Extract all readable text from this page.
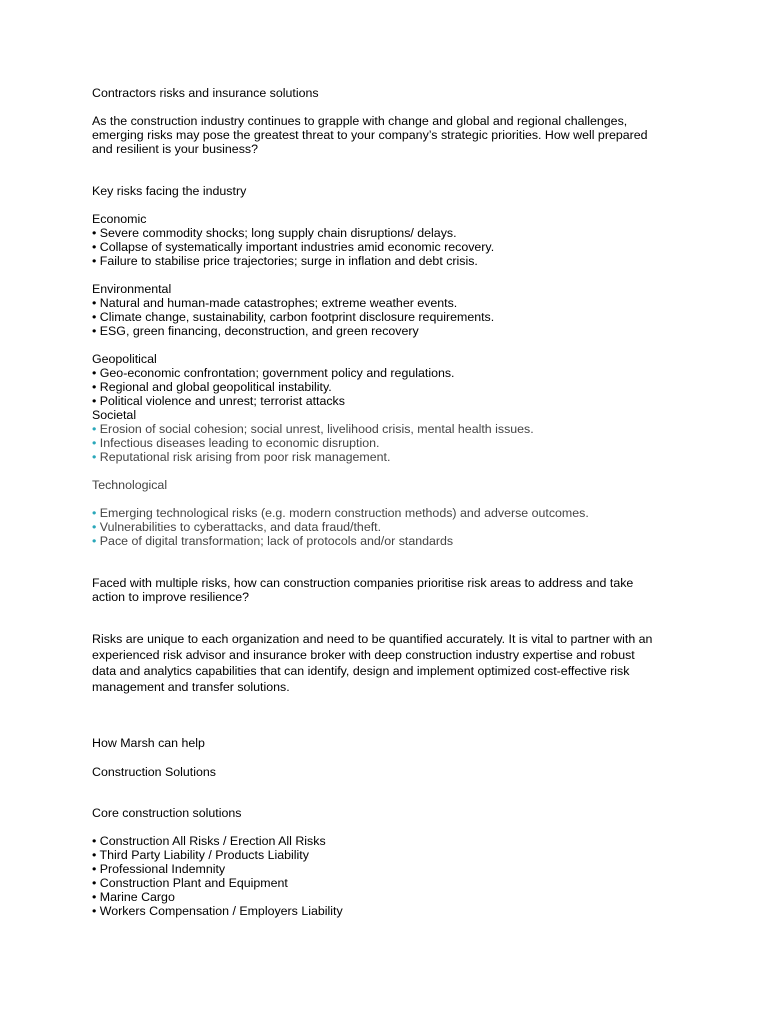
Contractors risks and insurance solutions
As the construction industry continues to grapple with change and global and regional challenges,
emerging risks may pose the greatest threat to your company’s strategic priorities. How well prepared
and resilient is your business?
Key risks facing the industry
Economic
• Severe commodity shocks; long supply chain disruptions/ delays.
• Collapse of systematically important industries amid economic recovery.
• Failure to stabilise price trajectories; surge in inflation and debt crisis.
Environmental
• Natural and human-made catastrophes; extreme weather events.
• Climate change, sustainability, carbon footprint disclosure requirements.
• ESG, green financing, deconstruction, and green recovery
Geopolitical
• Geo-economic confrontation; government policy and regulations.
• Regional and global geopolitical instability.
• Political violence and unrest; terrorist attacks
Societal
• Erosion of social cohesion; social unrest, livelihood crisis, mental health issues.
• Infectious diseases leading to economic disruption.
• Reputational risk arising from poor risk management.
Technological
• Emerging technological risks (e.g. modern construction methods) and adverse outcomes.
• Vulnerabilities to cyberattacks, and data fraud/theft.
• Pace of digital transformation; lack of protocols and/or standards
Faced with multiple risks, how can construction companies prioritise risk areas to address and take
action to improve resilience?
Risks are unique to each organization and need to be quantified accurately. It is vital to partner with an
experienced risk advisor and insurance broker with deep construction industry expertise and robust
data and analytics capabilities that can identify, design and implement optimized cost-effective risk
management and transfer solutions.
How Marsh can help
Construction Solutions
Core construction solutions
• Construction All Risks / Erection All Risks
• Third Party Liability / Products Liability
• Professional Indemnity
• Construction Plant and Equipment
• Marine Cargo
• Workers Compensation / Employers Liability
